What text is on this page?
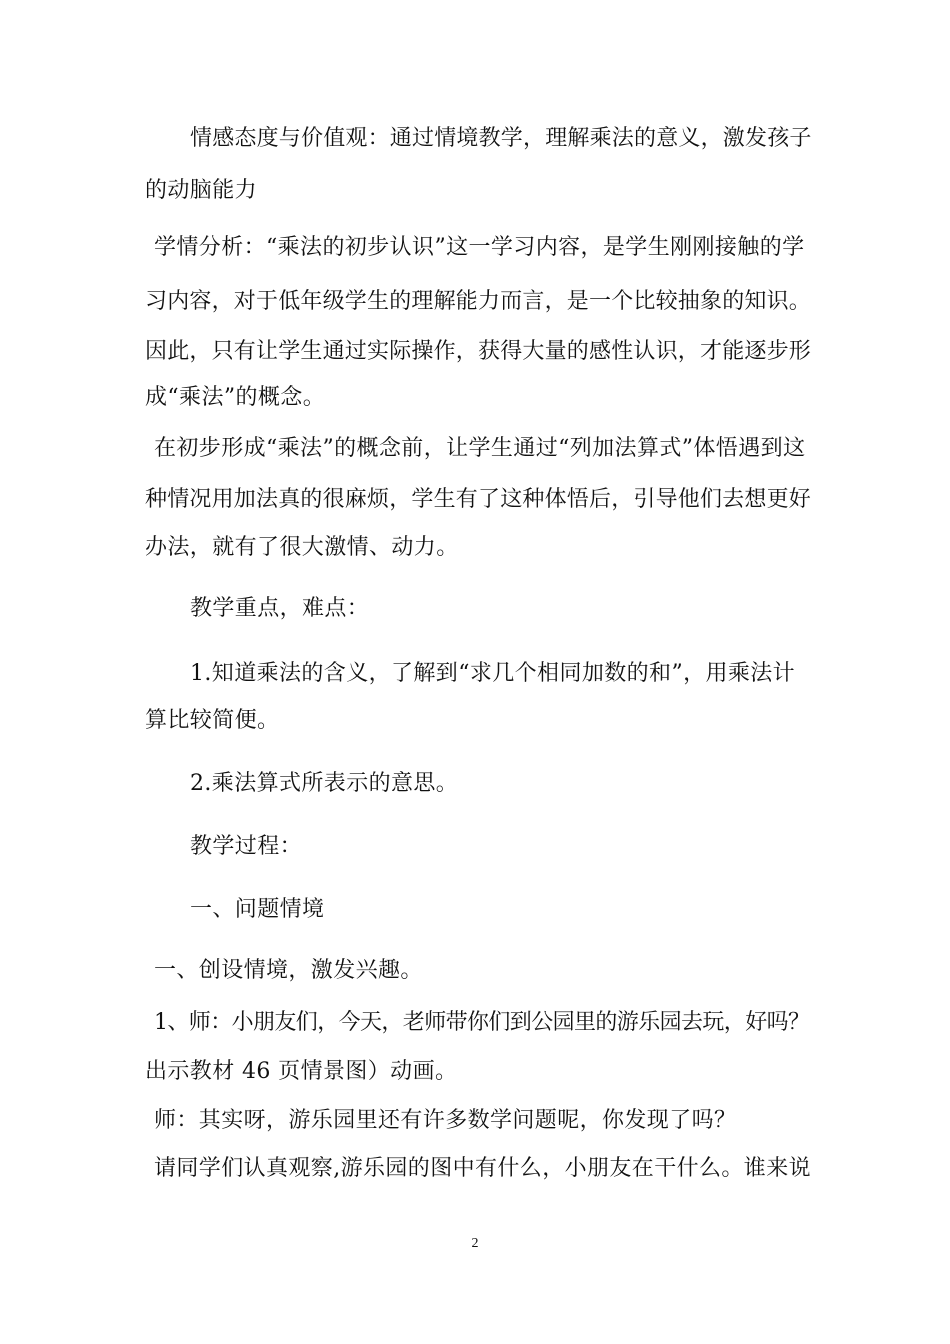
情感态度与价值观：通过情境教学，理解乘法的意义，激发孩子
的动脑能力
学情分析：“乘法的初步认识”这一学习内容，是学生刚刚接触的学
习内容，对于低年级学生的理解能力而言，是一个比较抽象的知识。
因此，只有让学生通过实际操作，获得大量的感性认识，才能逐步形
成“乘法”的概念。
在初步形成“乘法”的概念前，让学生通过“列加法算式”体悟遇到这
种情况用加法真的很麻烦，学生有了这种体悟后，引导他们去想更好
办法，就有了很大激情、动力。
教学重点，难点：
1.知道乘法的含义，了解到“求几个相同加数的和”，用乘法计
算比较简便。
2.乘法算式所表示的意思。
教学过程：
一、问题情境
一、创设情境，激发兴趣。
1、师：小朋友们，今天，老师带你们到公园里的游乐园去玩，好吗？
出示教材 46 页情景图）动画。
师：其实呀，游乐园里还有许多数学问题呢，你发现了吗？
请同学们认真观察,游乐园的图中有什么，小朋友在干什么。谁来说
2
